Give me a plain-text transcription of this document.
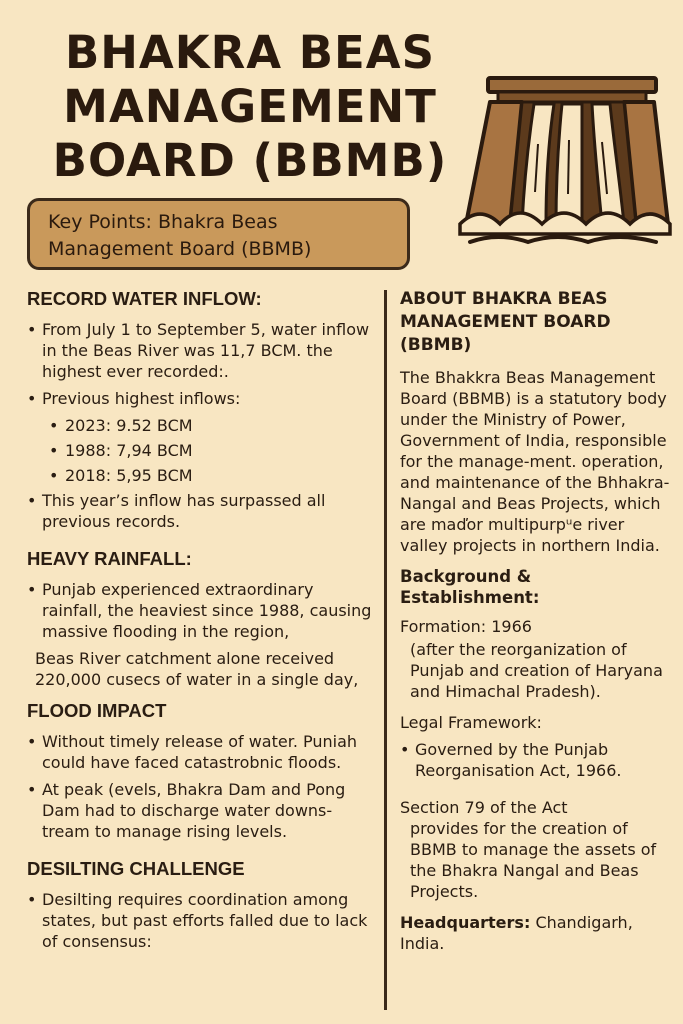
BHAKRA BEAS
MANAGEMENT
BOARD (BBMB)
Key Points: Bhakra Beas
Management Board (BBMB)
RECORD WATER INFLOW:
• From July 1 to September 5, water inflow in the Beas River was 11,7 BCM. the highest ever recorded:.
• Previous highest inflows:
• 2023: 9.52 BCM
• 1988: 7,94 BCM
• 2018: 5,95 BCM
• This year’s inflow has surpassed all previous records.
HEAVY RAINFALL:
• Punjab experienced extraordinary rainfall, the heaviest since 1988, causing massive flooding in the region,
Beas River catchment alone received 220,000 cusecs of water in a single day,
FLOOD IMPACT
• Without timely release of water. Puniah could have faced catastrobnic floods.
• At peak (evels, Bhakra Dam and Pong Dam had to discharge water downs-tream to manage rising levels.
DESILTING CHALLENGE
• Desilting requires coordination among states, but past efforts falled due to lack of consensus:
ABOUT BHAKRA BEAS MANAGEMENT BOARD (BBMB)
The Bhakkra Beas Management Board (BBMB) is a statutory body under the Ministry of Power, Government of India, responsible for the manage-ment. operation, and maintenance of the Bhhakra-Nangal and Beas Projects, which are maďor multipurpᵘe river valley projects in northern India.
Background & Establishment:
Formation: 1966
(after the reorganization of Punjab and creation of Haryana and Himachal Pradesh).
Legal Framework:
• Governed by the Punjab Reorganisation Act, 1966.
Section 79 of the Act
provides for the creation of BBMB to manage the assets of the Bhakra Nangal and Beas Projects.
Headquarters: Chandigarh, India.
